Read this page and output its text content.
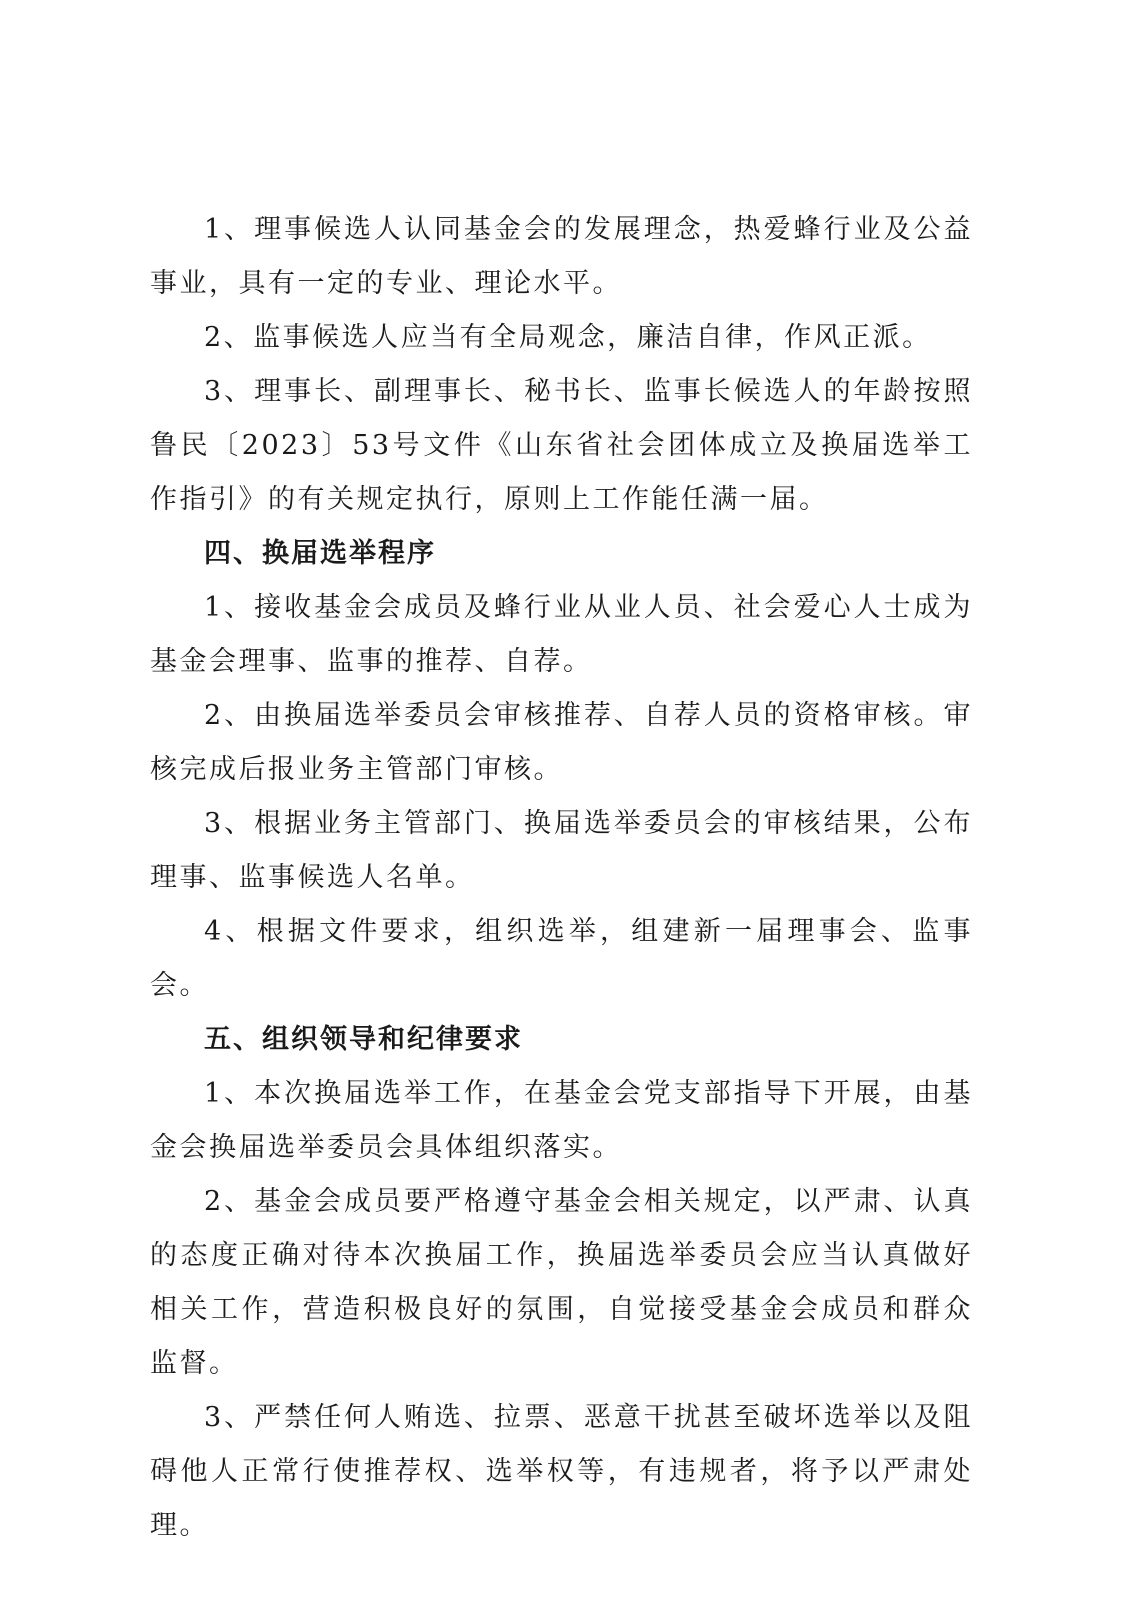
1、理事候选人认同基金会的发展理念，热爱蜂行业及公益事业，具有一定的专业、理论水平。

2、监事候选人应当有全局观念，廉洁自律，作风正派。

3、理事长、副理事长、秘书长、监事长候选人的年龄按照鲁民〔2023〕53号文件《山东省社会团体成立及换届选举工作指引》的有关规定执行，原则上工作能任满一届。

四、换届选举程序

1、接收基金会成员及蜂行业从业人员、社会爱心人士成为基金会理事、监事的推荐、自荐。

2、由换届选举委员会审核推荐、自荐人员的资格审核。审核完成后报业务主管部门审核。

3、根据业务主管部门、换届选举委员会的审核结果，公布理事、监事候选人名单。

4、根据文件要求，组织选举，组建新一届理事会、监事会。

五、组织领导和纪律要求

1、本次换届选举工作，在基金会党支部指导下开展，由基金会换届选举委员会具体组织落实。

2、基金会成员要严格遵守基金会相关规定，以严肃、认真的态度正确对待本次换届工作，换届选举委员会应当认真做好相关工作，营造积极良好的氛围，自觉接受基金会成员和群众监督。

3、严禁任何人贿选、拉票、恶意干扰甚至破坏选举以及阻碍他人正常行使推荐权、选举权等，有违规者，将予以严肃处理。
